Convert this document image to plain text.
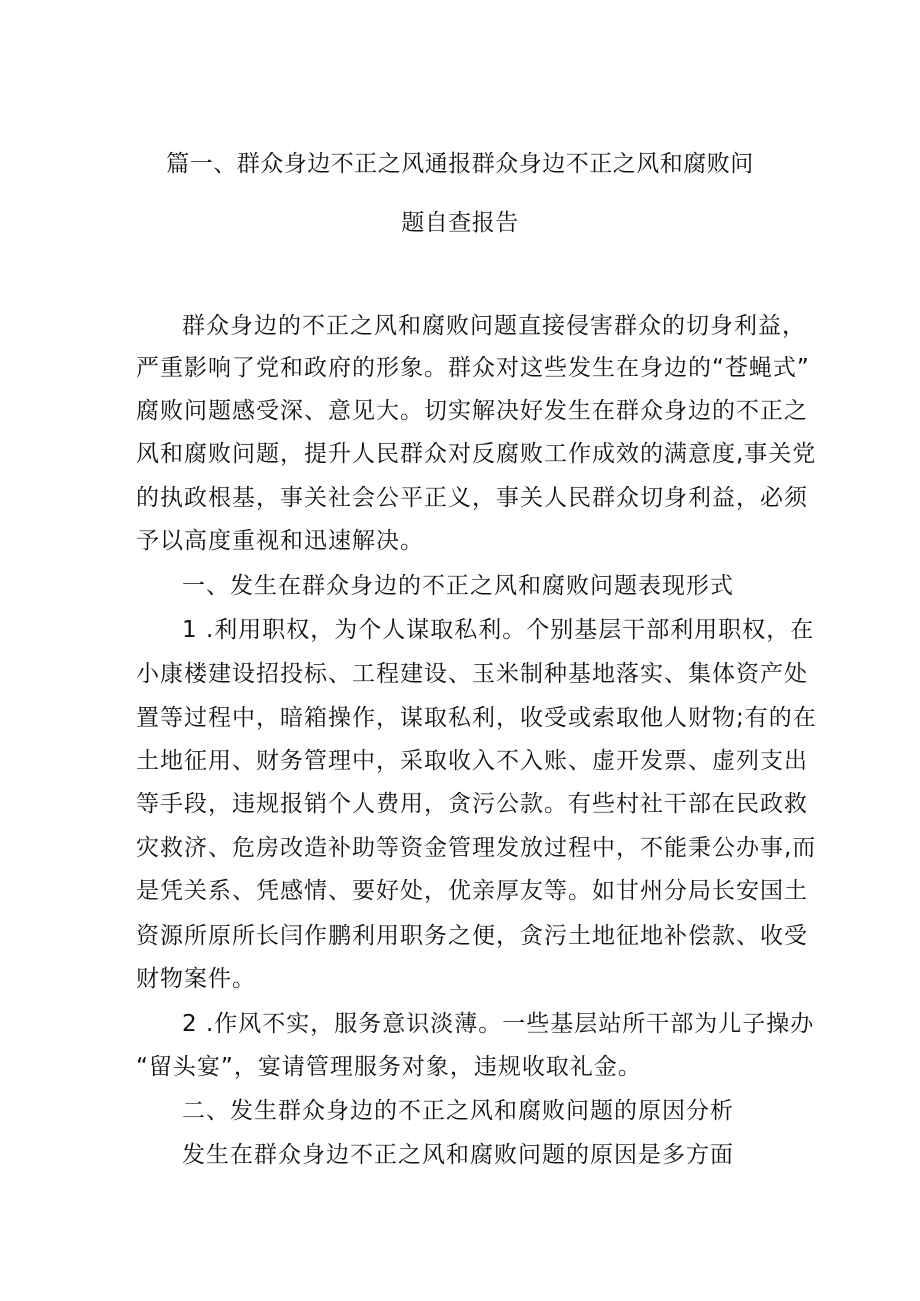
篇一、群众身边不正之风通报群众身边不正之风和腐败问
题自查报告
群众身边的不正之风和腐败问题直接侵害群众的切身利益，
严重影响了党和政府的形象。群众对这些发生在身边的“苍蝇式”
腐败问题感受深、意见大。切实解决好发生在群众身边的不正之
风和腐败问题，提升人民群众对反腐败工作成效的满意度,事关党
的执政根基，事关社会公平正义，事关人民群众切身利益，必须
予以高度重视和迅速解决。
一、发生在群众身边的不正之风和腐败问题表现形式
1 .利用职权，为个人谋取私利。个别基层干部利用职权，在
小康楼建设招投标、工程建设、玉米制种基地落实、集体资产处
置等过程中，暗箱操作，谋取私利，收受或索取他人财物;有的在
土地征用、财务管理中，采取收入不入账、虚开发票、虚列支出
等手段，违规报销个人费用，贪污公款。有些村社干部在民政救
灾救济、危房改造补助等资金管理发放过程中，不能秉公办事,而
是凭关系、凭感情、要好处，优亲厚友等。如甘州分局长安国土
资源所原所长闫作鹏利用职务之便，贪污土地征地补偿款、收受
财物案件。
2 .作风不实，服务意识淡薄。一些基层站所干部为儿子操办
“留头宴”，宴请管理服务对象，违规收取礼金。
二、发生群众身边的不正之风和腐败问题的原因分析
发生在群众身边不正之风和腐败问题的原因是多方面
